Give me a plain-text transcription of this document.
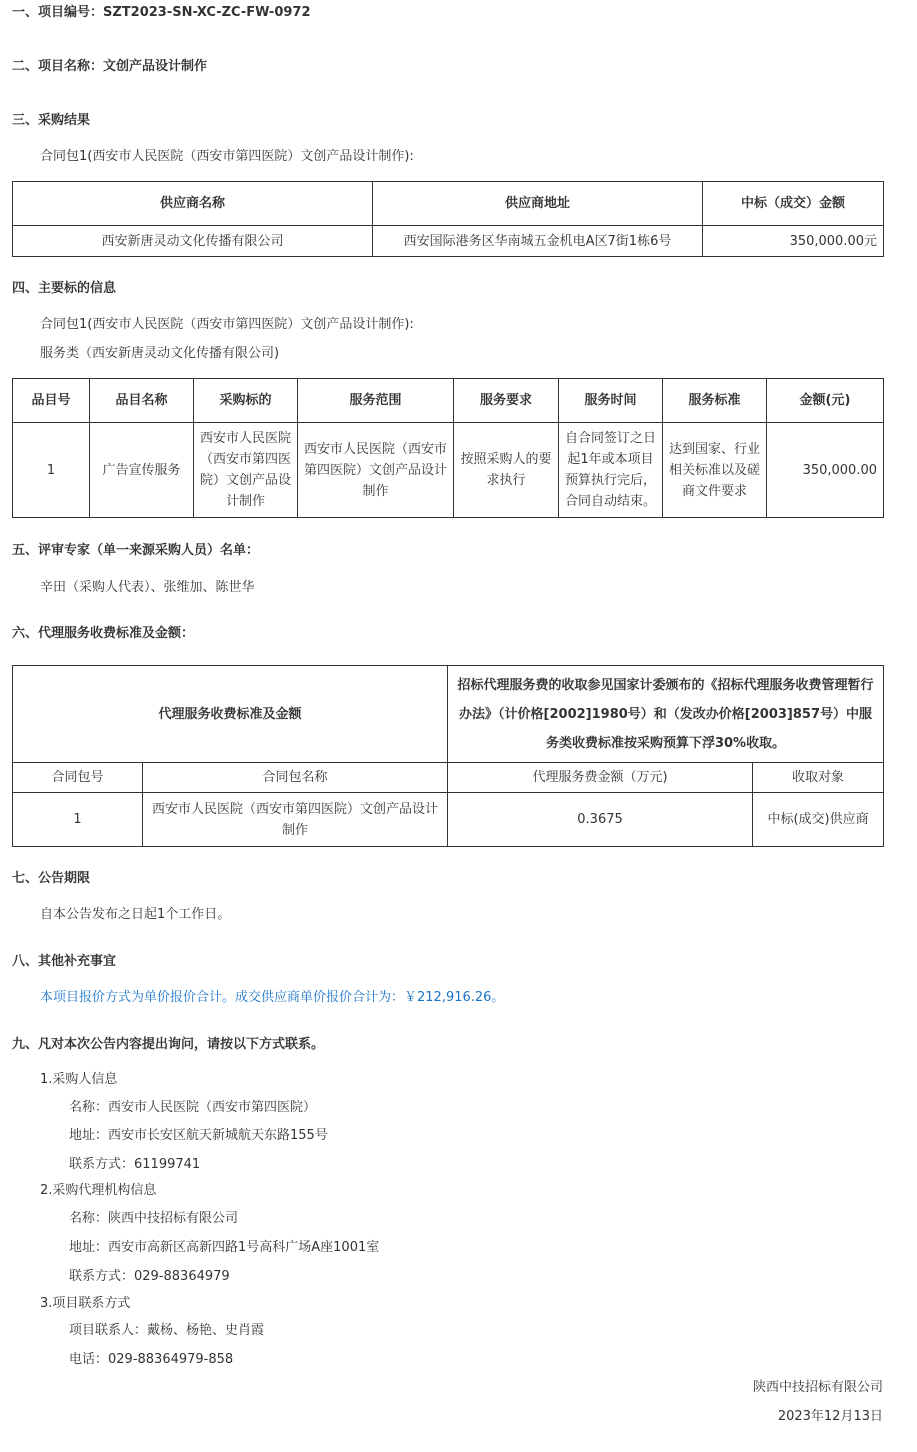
一、项目编号：SZT2023-SN-XC-ZC-FW-0972
二、项目名称：文创产品设计制作
三、采购结果
合同包1(西安市人民医院（西安市第四医院）文创产品设计制作):
供应商名称	供应商地址	中标（成交）金额
西安新唐灵动文化传播有限公司	西安国际港务区华南城五金机电A区7街1栋6号	350,000.00元
四、主要标的信息
合同包1(西安市人民医院（西安市第四医院）文创产品设计制作):
服务类（西安新唐灵动文化传播有限公司)
品目号	品目名称	采购标的	服务范围	服务要求	服务时间	服务标准	金额(元)
1	广告宣传服务	西安市人民医院（西安市第四医院）文创产品设计制作	西安市人民医院（西安市第四医院）文创产品设计制作	按照采购人的要求执行	自合同签订之日起1年或本项目预算执行完后，合同自动结束。	达到国家、行业相关标准以及磋商文件要求	350,000.00
五、评审专家（单一来源采购人员）名单：
辛田（采购人代表）、张维加、陈世华
六、代理服务收费标准及金额：
代理服务收费标准及金额		招标代理服务费的收取参见国家计委颁布的《招标代理服务收费管理暂行办法》（计价格[2002]1980号）和（发改办价格[2003]857号）中服务类收费标准按采购预算下浮30%收取。	
合同包号	合同包名称	代理服务费金额（万元)	收取对象
1	西安市人民医院（西安市第四医院）文创产品设计制作	0.3675	中标(成交)供应商
七、公告期限
自本公告发布之日起1个工作日。
八、其他补充事宜
本项目报价方式为单价报价合计。成交供应商单价报价合计为：￥212,916.26。
九、凡对本次公告内容提出询问，请按以下方式联系。
1.采购人信息
名称：西安市人民医院（西安市第四医院）
地址：西安市长安区航天新城航天东路155号
联系方式：61199741
2.采购代理机构信息
名称：陕西中技招标有限公司
地址：西安市高新区高新四路1号高科广场A座1001室
联系方式：029-88364979
3.项目联系方式
项目联系人：戴杨、杨艳、史肖霞
电话：029-88364979-858
陕西中技招标有限公司
2023年12月13日
